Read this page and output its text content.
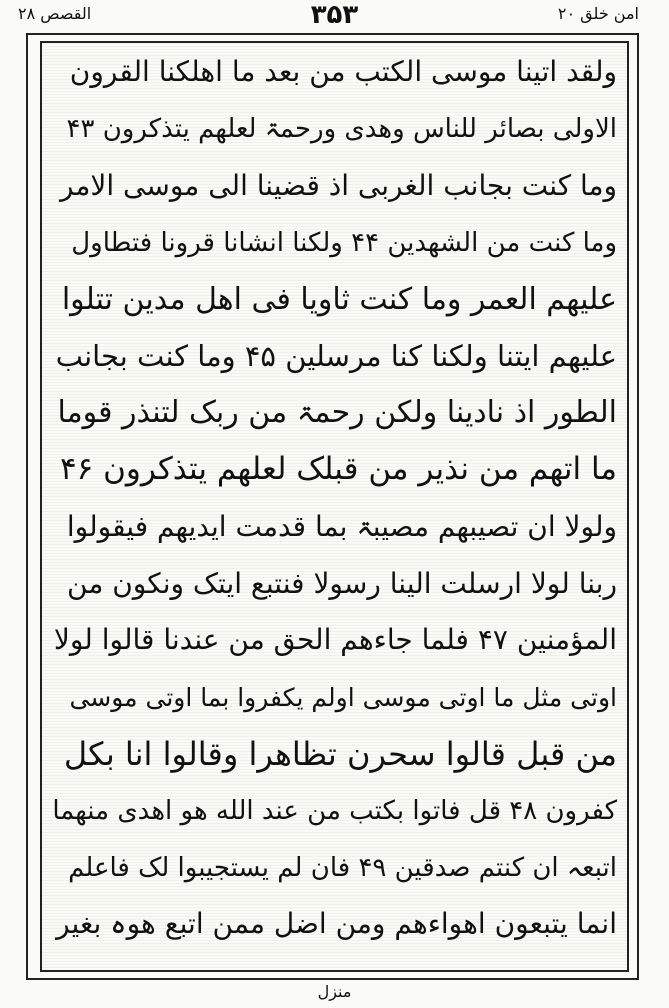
امن خلق ۲۰
۳۵۳
القصص ۲۸
ولقد اتینا موسی الکتب من بعد ما اهلکنا القرون
الاولی بصائر للناس وھدی ورحمۃ لعلھم یتذکرون ۴۳
وما کنت بجانب الغربی اذ قضینا الی موسی الامر
وما کنت من الشھدین ۴۴ ولکنا انشانا قرونا فتطاول
علیھم العمر وما کنت ثاویا فی اھل مدین تتلوا
علیھم ایتنا ولکنا کنا مرسلین ۴۵ وما کنت بجانب
الطور اذ نادینا ولکن رحمۃ من ربک لتنذر قوما
ما اتھم من نذیر من قبلک لعلھم یتذکرون ۴۶
ولولا ان تصیبھم مصیبۃ بما قدمت ایدیھم فیقولوا
ربنا لولا ارسلت الینا رسولا فنتبع ایتک ونکون من
المؤمنین ۴۷ فلما جاءھم الحق من عندنا قالوا لولا
اوتی مثل ما اوتی موسی اولم یکفروا بما اوتی موسی
من قبل قالوا سحرن تظاھرا وقالوا انا بکل
کفرون ۴۸ قل فاتوا بکتب من عند الله ھو اھدی منھما
اتبعہ ان کنتم صدقین ۴۹ فان لم یستجیبوا لک فاعلم
انما یتبعون اھواءھم ومن اضل ممن اتبع ھوہ بغیر
منزل
